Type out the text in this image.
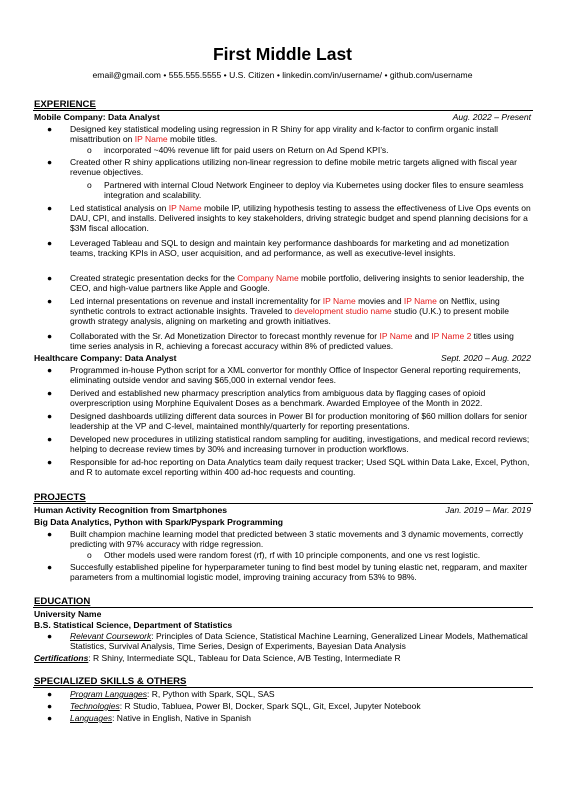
First Middle Last
email@gmail.com • 555.555.5555 • U.S. Citizen • linkedin.com/in/username/ • github.com/username
EXPERIENCE
Mobile Company: Data Analyst	Aug. 2022 – Present
● Designed key statistical modeling using regression in R Shiny for app virality and k-factor to confirm organic install misattribution on IP Name mobile titles.
o incorporated ~40% revenue lift for paid users on Return on Ad Spend KPI’s.
● Created other R shiny applications utilizing non-linear regression to define mobile metric targets aligned with fiscal year revenue objectives.
o Partnered with internal Cloud Network Engineer to deploy via Kubernetes using docker files to ensure seamless integration and scalability.
● Led statistical analysis on IP Name mobile IP, utilizing hypothesis testing to assess the effectiveness of Live Ops events on DAU, CPI, and installs. Delivered insights to key stakeholders, driving strategic budget and spend planning decisions for a $3M fiscal allocation.
● Leveraged Tableau and SQL to design and maintain key performance dashboards for marketing and ad monetization teams, tracking KPIs in ASO, user acquisition, and ad performance, as well as executive-level insights.
● Created strategic presentation decks for the Company Name mobile portfolio, delivering insights to senior leadership, the CEO, and high-value partners like Apple and Google.
● Led internal presentations on revenue and install incrementality for IP Name movies and IP Name on Netflix, using synthetic controls to extract actionable insights. Traveled to development studio name studio (U.K.) to present mobile growth strategy analysis, aligning on marketing and growth initiatives.
● Collaborated with the Sr. Ad Monetization Director to forecast monthly revenue for IP Name and IP Name 2 titles using time series analysis in R, achieving a forecast accuracy within 8% of predicted values.
Healthcare Company: Data Analyst	Sept. 2020 – Aug. 2022
● Programmed in-house Python script for a XML convertor for monthly Office of Inspector General reporting requirements, eliminating outside vendor and saving $65,000 in external vendor fees.
● Derived and established new pharmacy prescription analytics from ambiguous data by flagging cases of opioid overprescription using Morphine Equivalent Doses as a benchmark. Awarded Employee of the Month in 2022.
● Designed dashboards utilizing different data sources in Power BI for production monitoring of $60 million dollars for senior leadership at the VP and C-level, maintained monthly/quarterly for reporting presentations.
● Developed new procedures in utilizing statistical random sampling for auditing, investigations, and medical record reviews; helping to decrease review times by 30% and increasing turnover in production workflows.
● Responsible for ad-hoc reporting on Data Analytics team daily request tracker; Used SQL within Data Lake, Excel, Python, and R to automate excel reporting within 400 ad-hoc requests and counting.
PROJECTS
Human Activity Recognition from Smartphones	Jan. 2019 – Mar. 2019
Big Data Analytics, Python with Spark/Pyspark Programming
● Built champion machine learning model that predicted between 3 static movements and 3 dynamic movements, correctly predicting with 97% accuracy with ridge regression.
o Other models used were random forest (rf), rf with 10 principle components, and one vs rest logistic.
● Succesfully established pipeline for hyperparameter tuning to find best model by tuning elastic net, regparam, and maxiter parameters from a multinomial logistic model, improving training accuracy from 53% to 98%.
EDUCATION
University Name
B.S. Statistical Science, Department of Statistics
● Relevant Coursework: Principles of Data Science, Statistical Machine Learning, Generalized Linear Models, Mathematical Statistics, Survival Analysis, Time Series, Design of Experiments, Bayesian Data Analysis
Certifications: R Shiny, Intermediate SQL, Tableau for Data Science, A/B Testing, Intermediate R
SPECIALIZED SKILLS & OTHERS
● Program Languages: R, Python with Spark, SQL, SAS
● Technologies: R Studio, Tabluea, Power BI, Docker, Spark SQL, Git, Excel, Jupyter Notebook
● Languages: Native in English, Native in Spanish
